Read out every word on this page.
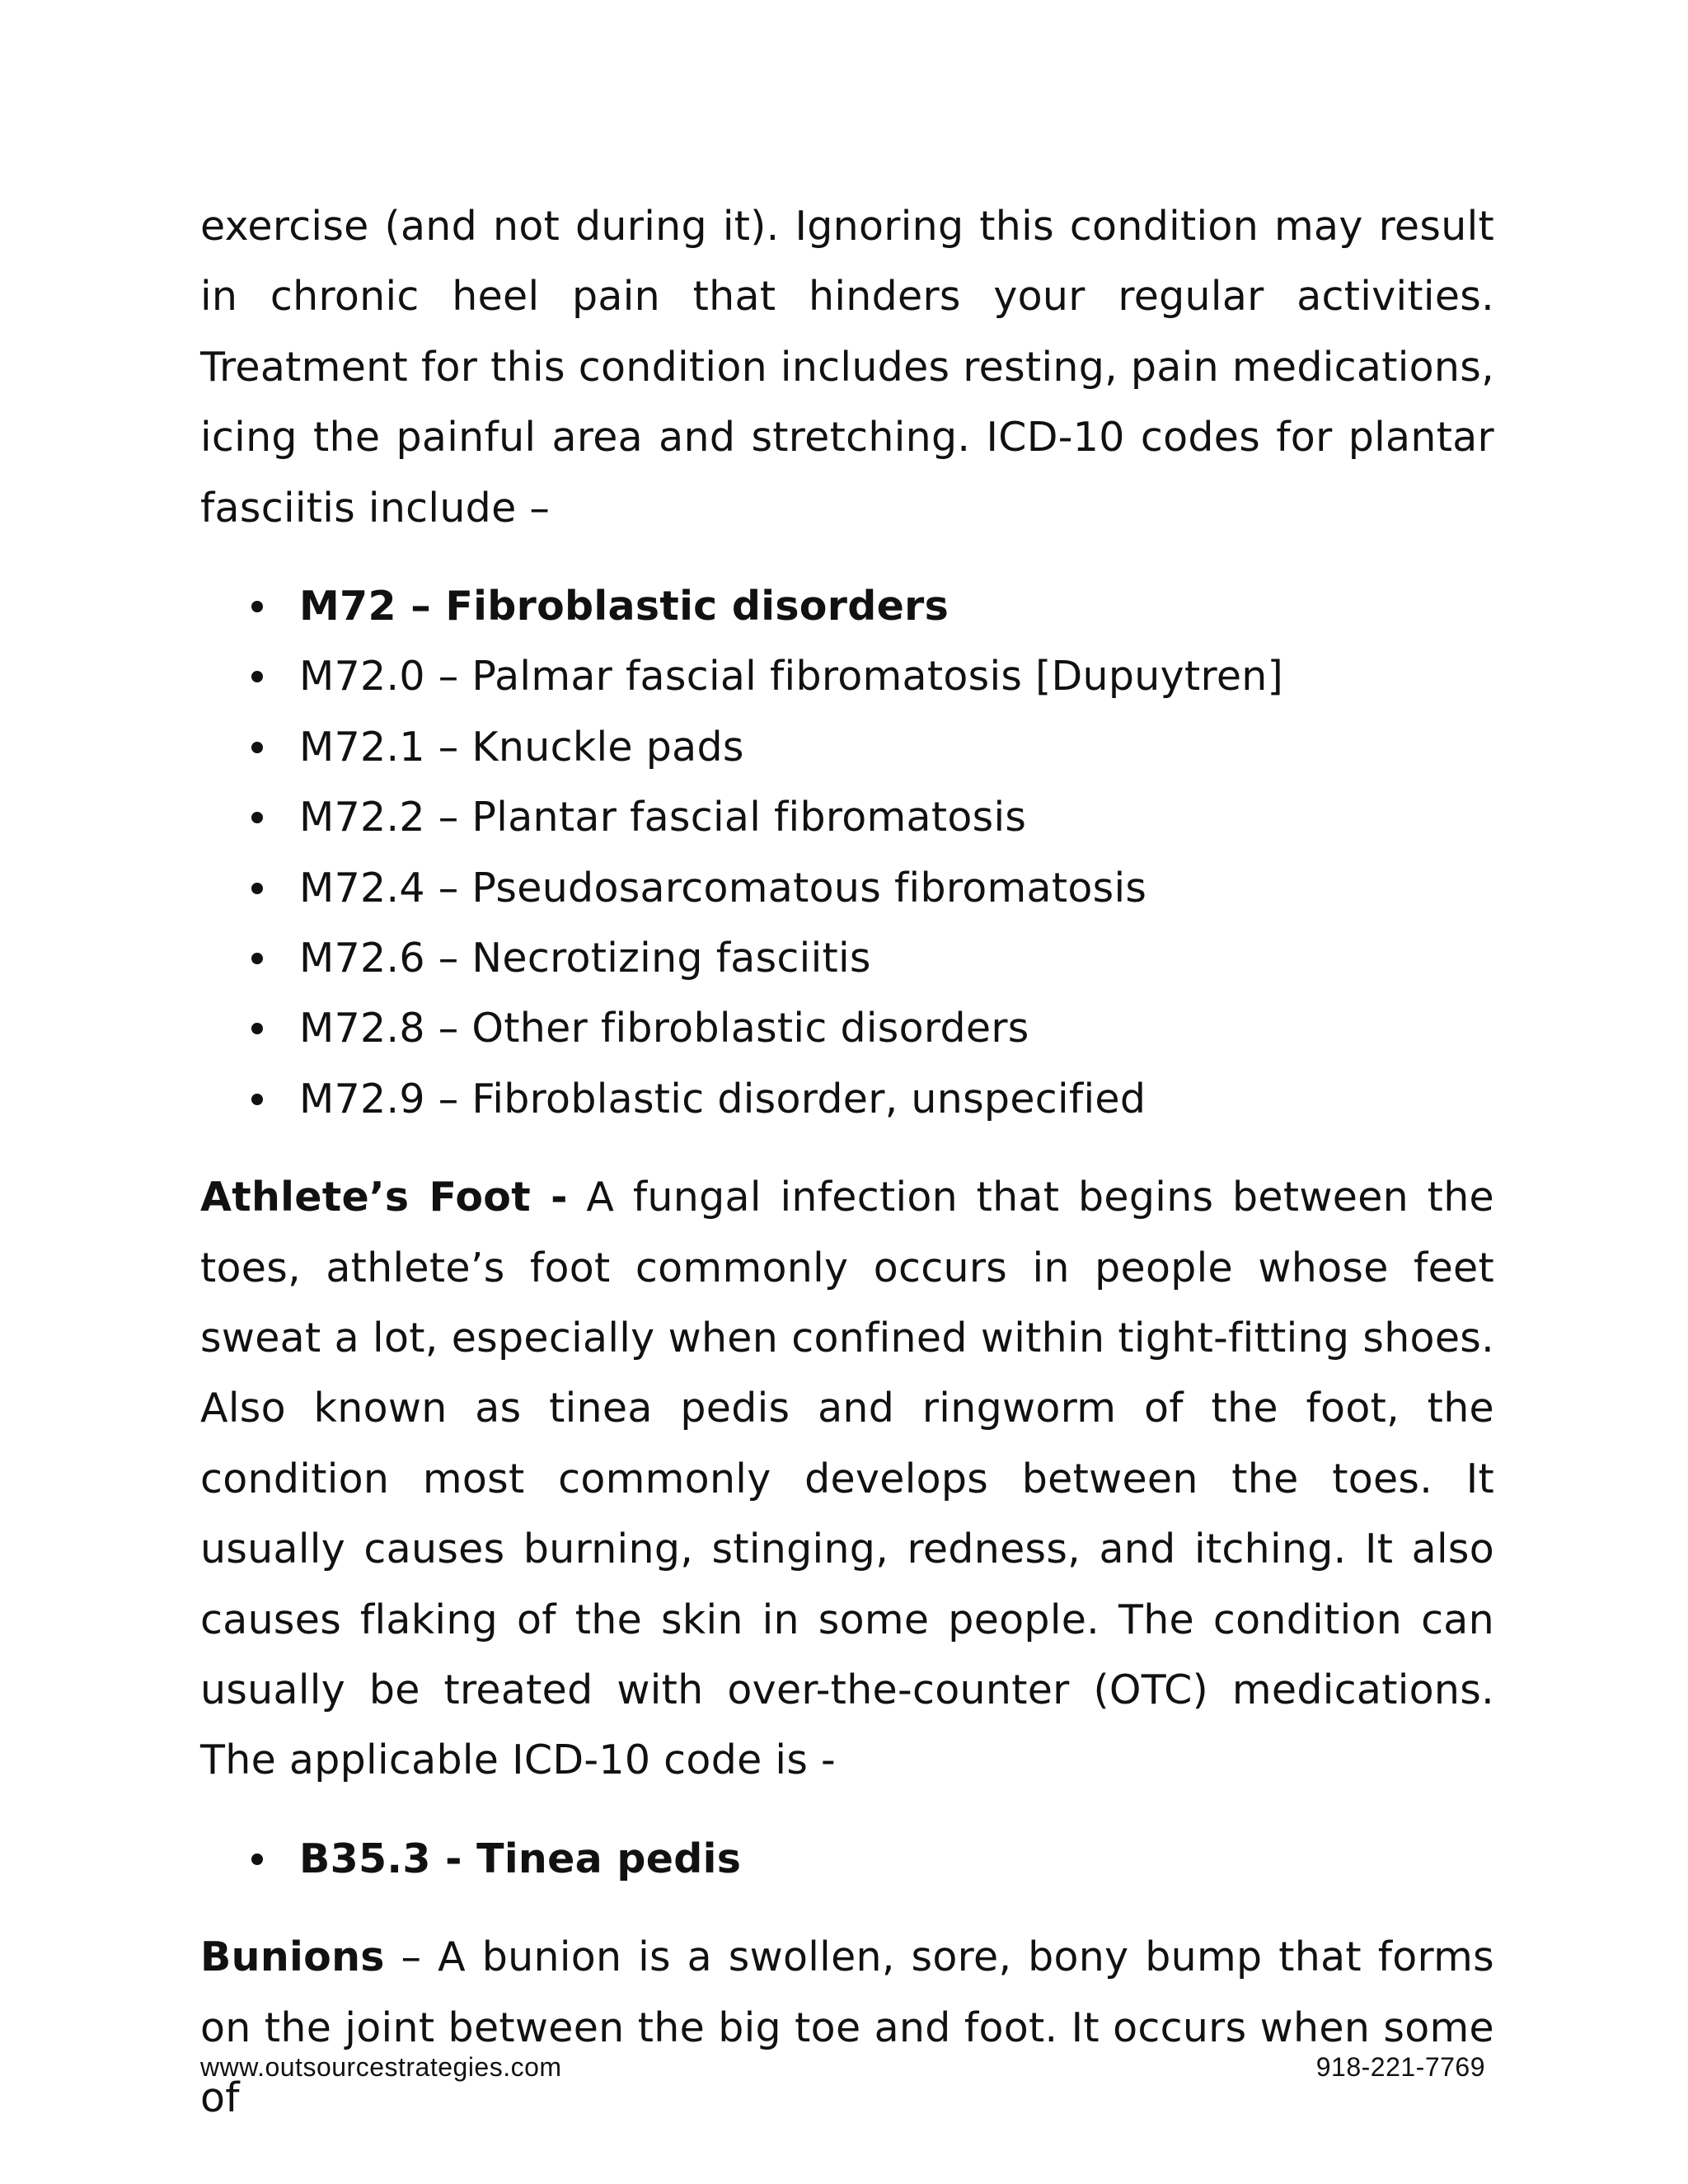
exercise (and not during it). Ignoring this condition may result in chronic heel pain that hinders your regular activities. Treatment for this condition includes resting, pain medications, icing the painful area and stretching. ICD-10 codes for plantar fasciitis include –

M72 – Fibroblastic disorders
M72.0 – Palmar fascial fibromatosis [Dupuytren]
M72.1 – Knuckle pads
M72.2 – Plantar fascial fibromatosis
M72.4 – Pseudosarcomatous fibromatosis
M72.6 – Necrotizing fasciitis
M72.8 – Other fibroblastic disorders
M72.9 – Fibroblastic disorder, unspecified

Athlete’s Foot - A fungal infection that begins between the toes, athlete’s foot commonly occurs in people whose feet sweat a lot, especially when confined within tight-fitting shoes. Also known as tinea pedis and ringworm of the foot, the condition most commonly develops between the toes. It usually causes burning, stinging, redness, and itching. It also causes flaking of the skin in some people. The condition can usually be treated with over-the-counter (OTC) medications. The applicable ICD-10 code is -

B35.3 - Tinea pedis

Bunions – A bunion is a swollen, sore, bony bump that forms on the joint between the big toe and foot. It occurs when some of

www.outsourcestrategies.com	918-221-7769
